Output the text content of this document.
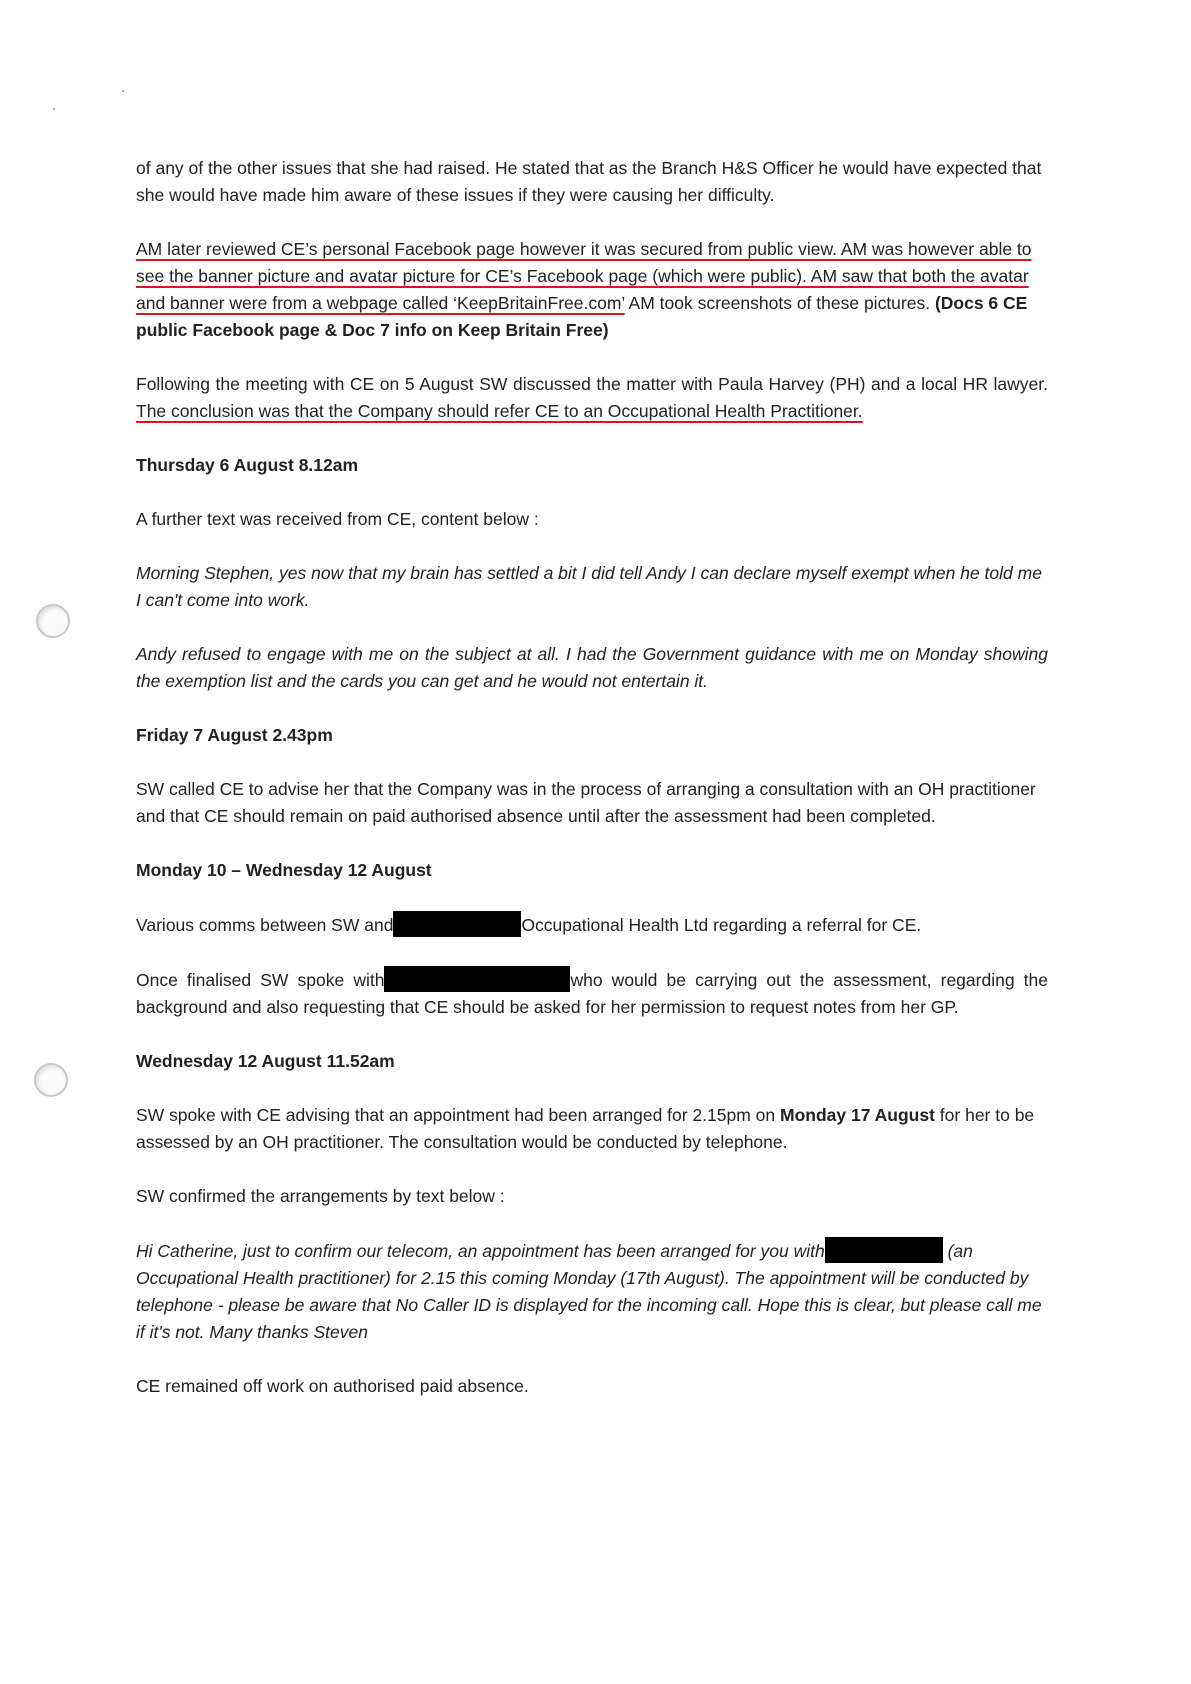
of any of the other issues that she had raised. He stated that as the Branch H&S Officer he would have expected that she would have made him aware of these issues if they were causing her difficulty.

AM later reviewed CE’s personal Facebook page however it was secured from public view. AM was however able to see the banner picture and avatar picture for CE’s Facebook page (which were public). AM saw that both the avatar and banner were from a webpage called ‘KeepBritainFree.com’ AM took screenshots of these pictures. (Docs 6 CE public Facebook page & Doc 7 info on Keep Britain Free)

Following the meeting with CE on 5 August SW discussed the matter with Paula Harvey (PH) and a local HR lawyer. The conclusion was that the Company should refer CE to an Occupational Health Practitioner.

Thursday 6 August 8.12am

A further text was received from CE, content below :

Morning Stephen, yes now that my brain has settled a bit I did tell Andy I can declare myself exempt when he told me I can't come into work.

Andy refused to engage with me on the subject at all. I had the Government guidance with me on Monday showing the exemption list and the cards you can get and he would not entertain it.

Friday 7 August 2.43pm

SW called CE to advise her that the Company was in the process of arranging a consultation with an OH practitioner and that CE should remain on paid authorised absence until after the assessment had been completed.

Monday 10 – Wednesday 12 August

Various comms between SW and	Occupational Health Ltd regarding a referral for CE.

Once finalised SW spoke with	who would be carrying out the assessment, regarding the background and also requesting that CE should be asked for her permission to request notes from her GP.

Wednesday 12 August 11.52am

SW spoke with CE advising that an appointment had been arranged for 2.15pm on Monday 17 August for her to be assessed by an OH practitioner. The consultation would be conducted by telephone.

SW confirmed the arrangements by text below :

Hi Catherine, just to confirm our telecom, an appointment has been arranged for you with	(an Occupational Health practitioner) for 2.15 this coming Monday (17th August). The appointment will be conducted by telephone - please be aware that No Caller ID is displayed for the incoming call. Hope this is clear, but please call me if it's not. Many thanks Steven

CE remained off work on authorised paid absence.
